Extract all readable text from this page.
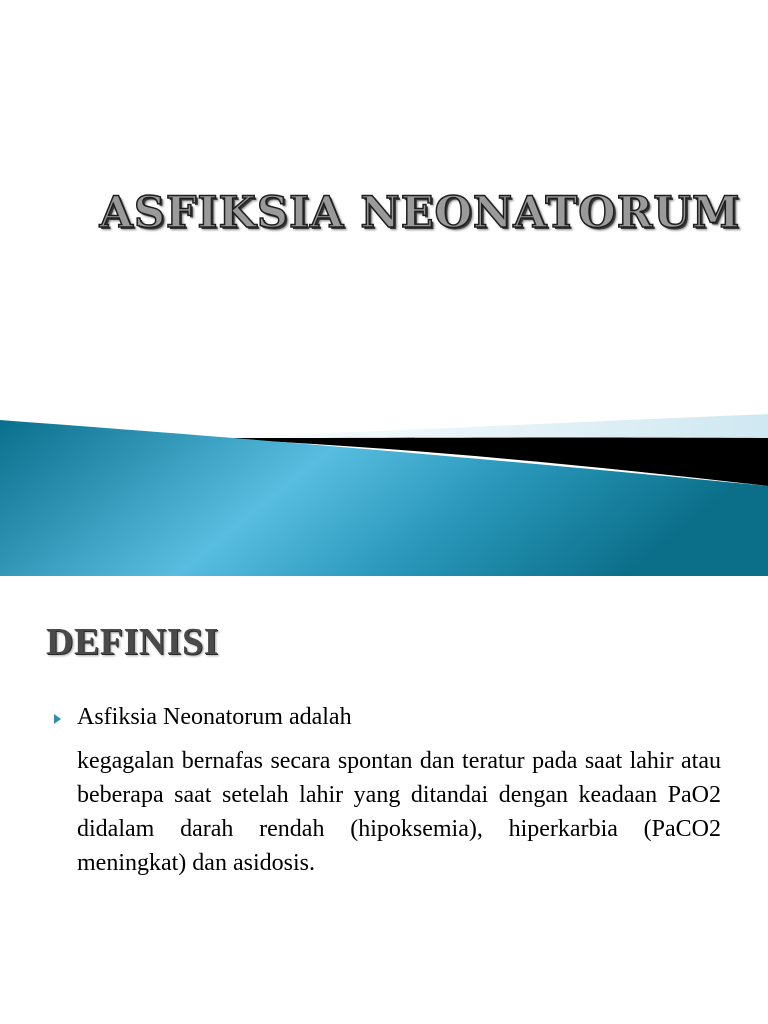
ASFIKSIA NEONATORUM
DEFINISI
Asfiksia Neonatorum adalah
kegagalan bernafas secara spontan dan teratur pada saat lahir atau beberapa saat setelah lahir yang ditandai dengan keadaan PaO2 didalam darah rendah (hipoksemia), hiperkarbia (PaCO2 meningkat) dan asidosis.
